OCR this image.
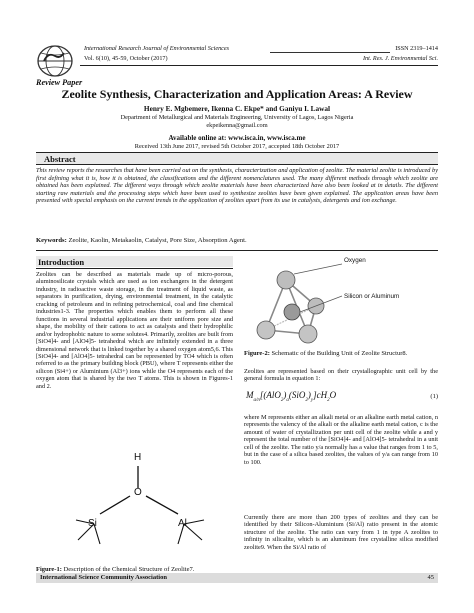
International Research Journal of Environmental Sciences	ISSN 2319–1414
Vol. 6(10), 45-59, October (2017)	Int. Res. J. Environmental Sci.
Review Paper
Zeolite Synthesis, Characterization and Application Areas: A Review
Henry E. Mgbemere, Ikenna C. Ekpe* and Ganiyu I. Lawal
Department of Metallurgical and Materials Engineering, University of Lagos, Lagos Nigeria
ekpeikenna@gmail.com
Available online at: www.isca.in, www.isca.me
Received 13th June 2017, revised 5th October 2017, accepted 18th October 2017
Abstract
This review reports the researches that have been carried out on the synthesis, characterization and application of zeolite. The material zeolite is introduced by first defining what it is, how it is obtained, the classifications and the different nomenclatures used. The many different methods through which zeolite are obtained has been explained. The different ways through which zeolite materials have been characterized have also been looked at in details. The different starting raw materials and the processing steps which have been used to synthesize zeolites have been given explained. The application areas have been presented with special emphasis on the current trends in the application of zeolites apart from its use in catalysts, detergents and ion exchange.
Keywords: Zeolite, Kaolin, Metakaolin, Catalyst, Pore Size, Absorption Agent.
Introduction
Zeolites can be described as materials made up of micro-porous, aluminosilicate crystals which are used as ion exchangers in the detergent industry, in radioactive waste storage, in the treatment of liquid waste, as separators in purification, drying, environmental treatment, in the catalytic cracking of petroleum and in refining petrochemical, coal and fine chemical industries1-3. The properties which enables them to perform all these functions in several industrial applications are their uniform pore size and shape, the mobility of their cations to act as catalysts and their hydrophilic and/or hydrophobic nature to some solutes4. Primarily, zeolites are built from [SiO4]4- and [AlO4]5- tetrahedral which are infinitely extended in a three dimensional network that is linked together by a shared oxygen atom5,6. This [SiO4]4- and [AlO4]5- tetrahedral can be represented by TO4 which is often referred to as the primary building block (PBU), where T represents either the silicon (Si4+) or Aluminium (Al3+) ions while the O4 represents each of the oxygen atom that is shared by the two T atoms. This is shown in Figures-1 and 2.
H
O
Si	Al
Figure-1: Description of the Chemical Structure of Zeolite7.
Oxygen
Silicon or Aluminum
Figure-2: Schematic of the Building Unit of Zeolite Structur8.
Zeolites are represented based on their crystallographic unit cell by the general formula in equation 1:
$M_{a/n}[(AlO_2)_a(SiO_2)_y]cH_2O$	(1)
where M represents either an alkali metal or an alkaline earth metal cation, n represents the valency of the alkali or the alkaline earth metal cation, c is the amount of water of crystallization per unit cell of the zeolite while a and y represent the total number of the [SiO4]4- and [AlO4]5- tetrahedral in a unit cell of the zeolite. The ratio y/a normally has a value that ranges from 1 to 5, but in the case of a silica based zeolites, the values of y/a can range from 10 to 100.
Currently there are more than 200 types of zeolites and they can be identified by their Silicon-Aluminium (Si/Al) ratio present in the atomic structure of the zeolite. The ratio can vary from 1 in type A zeolites to infinity in silicalite, which is an aluminum free crystalline silica modified zeolite9. When the Si/Al ratio of
International Science Community Association	45
